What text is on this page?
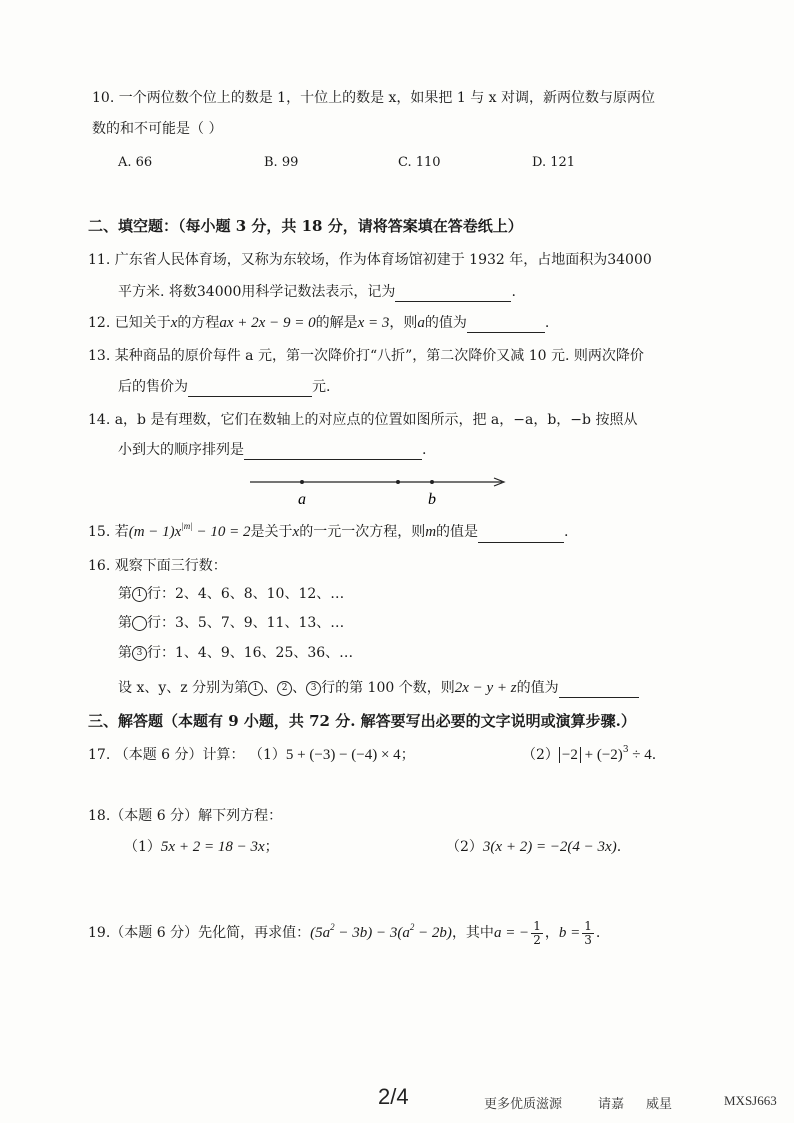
10. 一个两位数个位上的数是 1，十位上的数是 x，如果把 1 与 x 对调，新两位数与原两位
数的和不可能是（ ）
A. 66	B. 99	C. 110	D. 121
二、填空题：（每小题 3 分，共 18 分，请将答案填在答卷纸上）
11. 广东省人民体育场，又称为东较场，作为体育场馆初建于 1932 年，占地面积为34000
平方米. 将数34000用科学记数法表示，记为	.
12. 已知关于x的方程ax + 2x − 9 = 0的解是x = 3，则a的值为	.
13. 某种商品的原价每件 a 元，第一次降价打“八折”，第二次降价又减 10 元. 则两次降价
后的售价为	元.
14. a，b 是有理数，它们在数轴上的对应点的位置如图所示，把 a，−a，b，−b 按照从
小到大的顺序排列是	.
a	b
15. 若$(m - 1)x^{|m|} - 10 = 2$是关于x的一元一次方程，则m的值是	.
16. 观察下面三行数：
第 1 行：2、4、6、8、10、12、…
第 行：3、5、7、9、11、13、…
第 3 行：1、4、9、16、25、36、…
设 x、y、z 分别为第 1 、 2 、 3 行的第 100 个数，则2x − y + z的值为
三、解答题（本题有 9 小题，共 72 分. 解答要写出必要的文字说明或演算步骤.）
17. （本题 6 分）计算： （1）5 + (−3) − (−4) × 4；	$(2) -2 + (-2)^3 \div 4$.
18.（本题 6 分）解下列方程：
（1）5x + 2 = 18 − 3x；	（2）3(x + 2) = −2(4 − 3x).
19.（本题 6 分）先化简，再求值：$(5a^2 - 3b) - 3(a^2 - 2b)$，其中a = − $\frac{1}{2}$ ，$b = \frac{1}{3}$ .
2/4	更多优质滋源	请嘉 威星	MXSJ663
